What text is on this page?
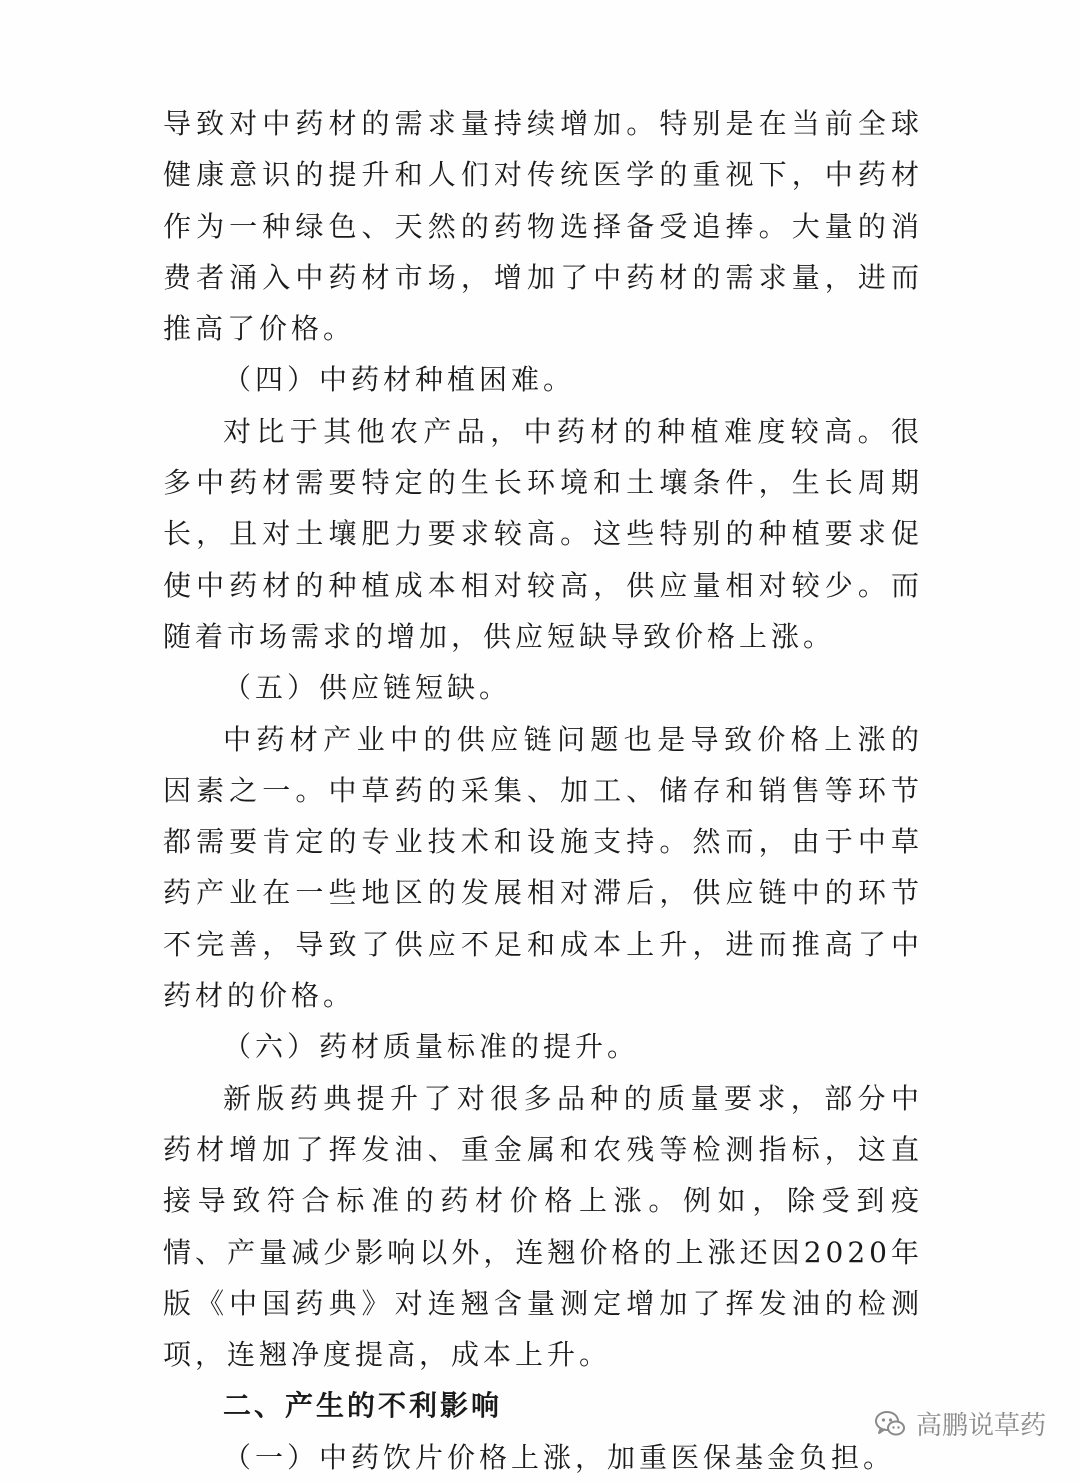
导致对中药材的需求量持续增加。特别是在当前全球健康意识的提升和人们对传统医学的重视下，中药材作为一种绿色、天然的药物选择备受追捧。大量的消费者涌入中药材市场，增加了中药材的需求量，进而推高了价格。

（四）中药材种植困难。

对比于其他农产品，中药材的种植难度较高。很多中药材需要特定的生长环境和土壤条件，生长周期长，且对土壤肥力要求较高。这些特别的种植要求促使中药材的种植成本相对较高，供应量相对较少。而随着市场需求的增加，供应短缺导致价格上涨。

（五）供应链短缺。

中药材产业中的供应链问题也是导致价格上涨的因素之一。中草药的采集、加工、储存和销售等环节都需要肯定的专业技术和设施支持。然而，由于中草药产业在一些地区的发展相对滞后，供应链中的环节不完善，导致了供应不足和成本上升，进而推高了中药材的价格。

（六）药材质量标准的提升。

新版药典提升了对很多品种的质量要求，部分中药材增加了挥发油、重金属和农残等检测指标，这直接导致符合标准的药材价格上涨。例如，除受到疫情、产量减少影响以外，连翘价格的上涨还因2020年版《中国药典》对连翘含量测定增加了挥发油的检测项，连翘净度提高，成本上升。

二、产生的不利影响

（一）中药饮片价格上涨，加重医保基金负担。

高鹏说草药
